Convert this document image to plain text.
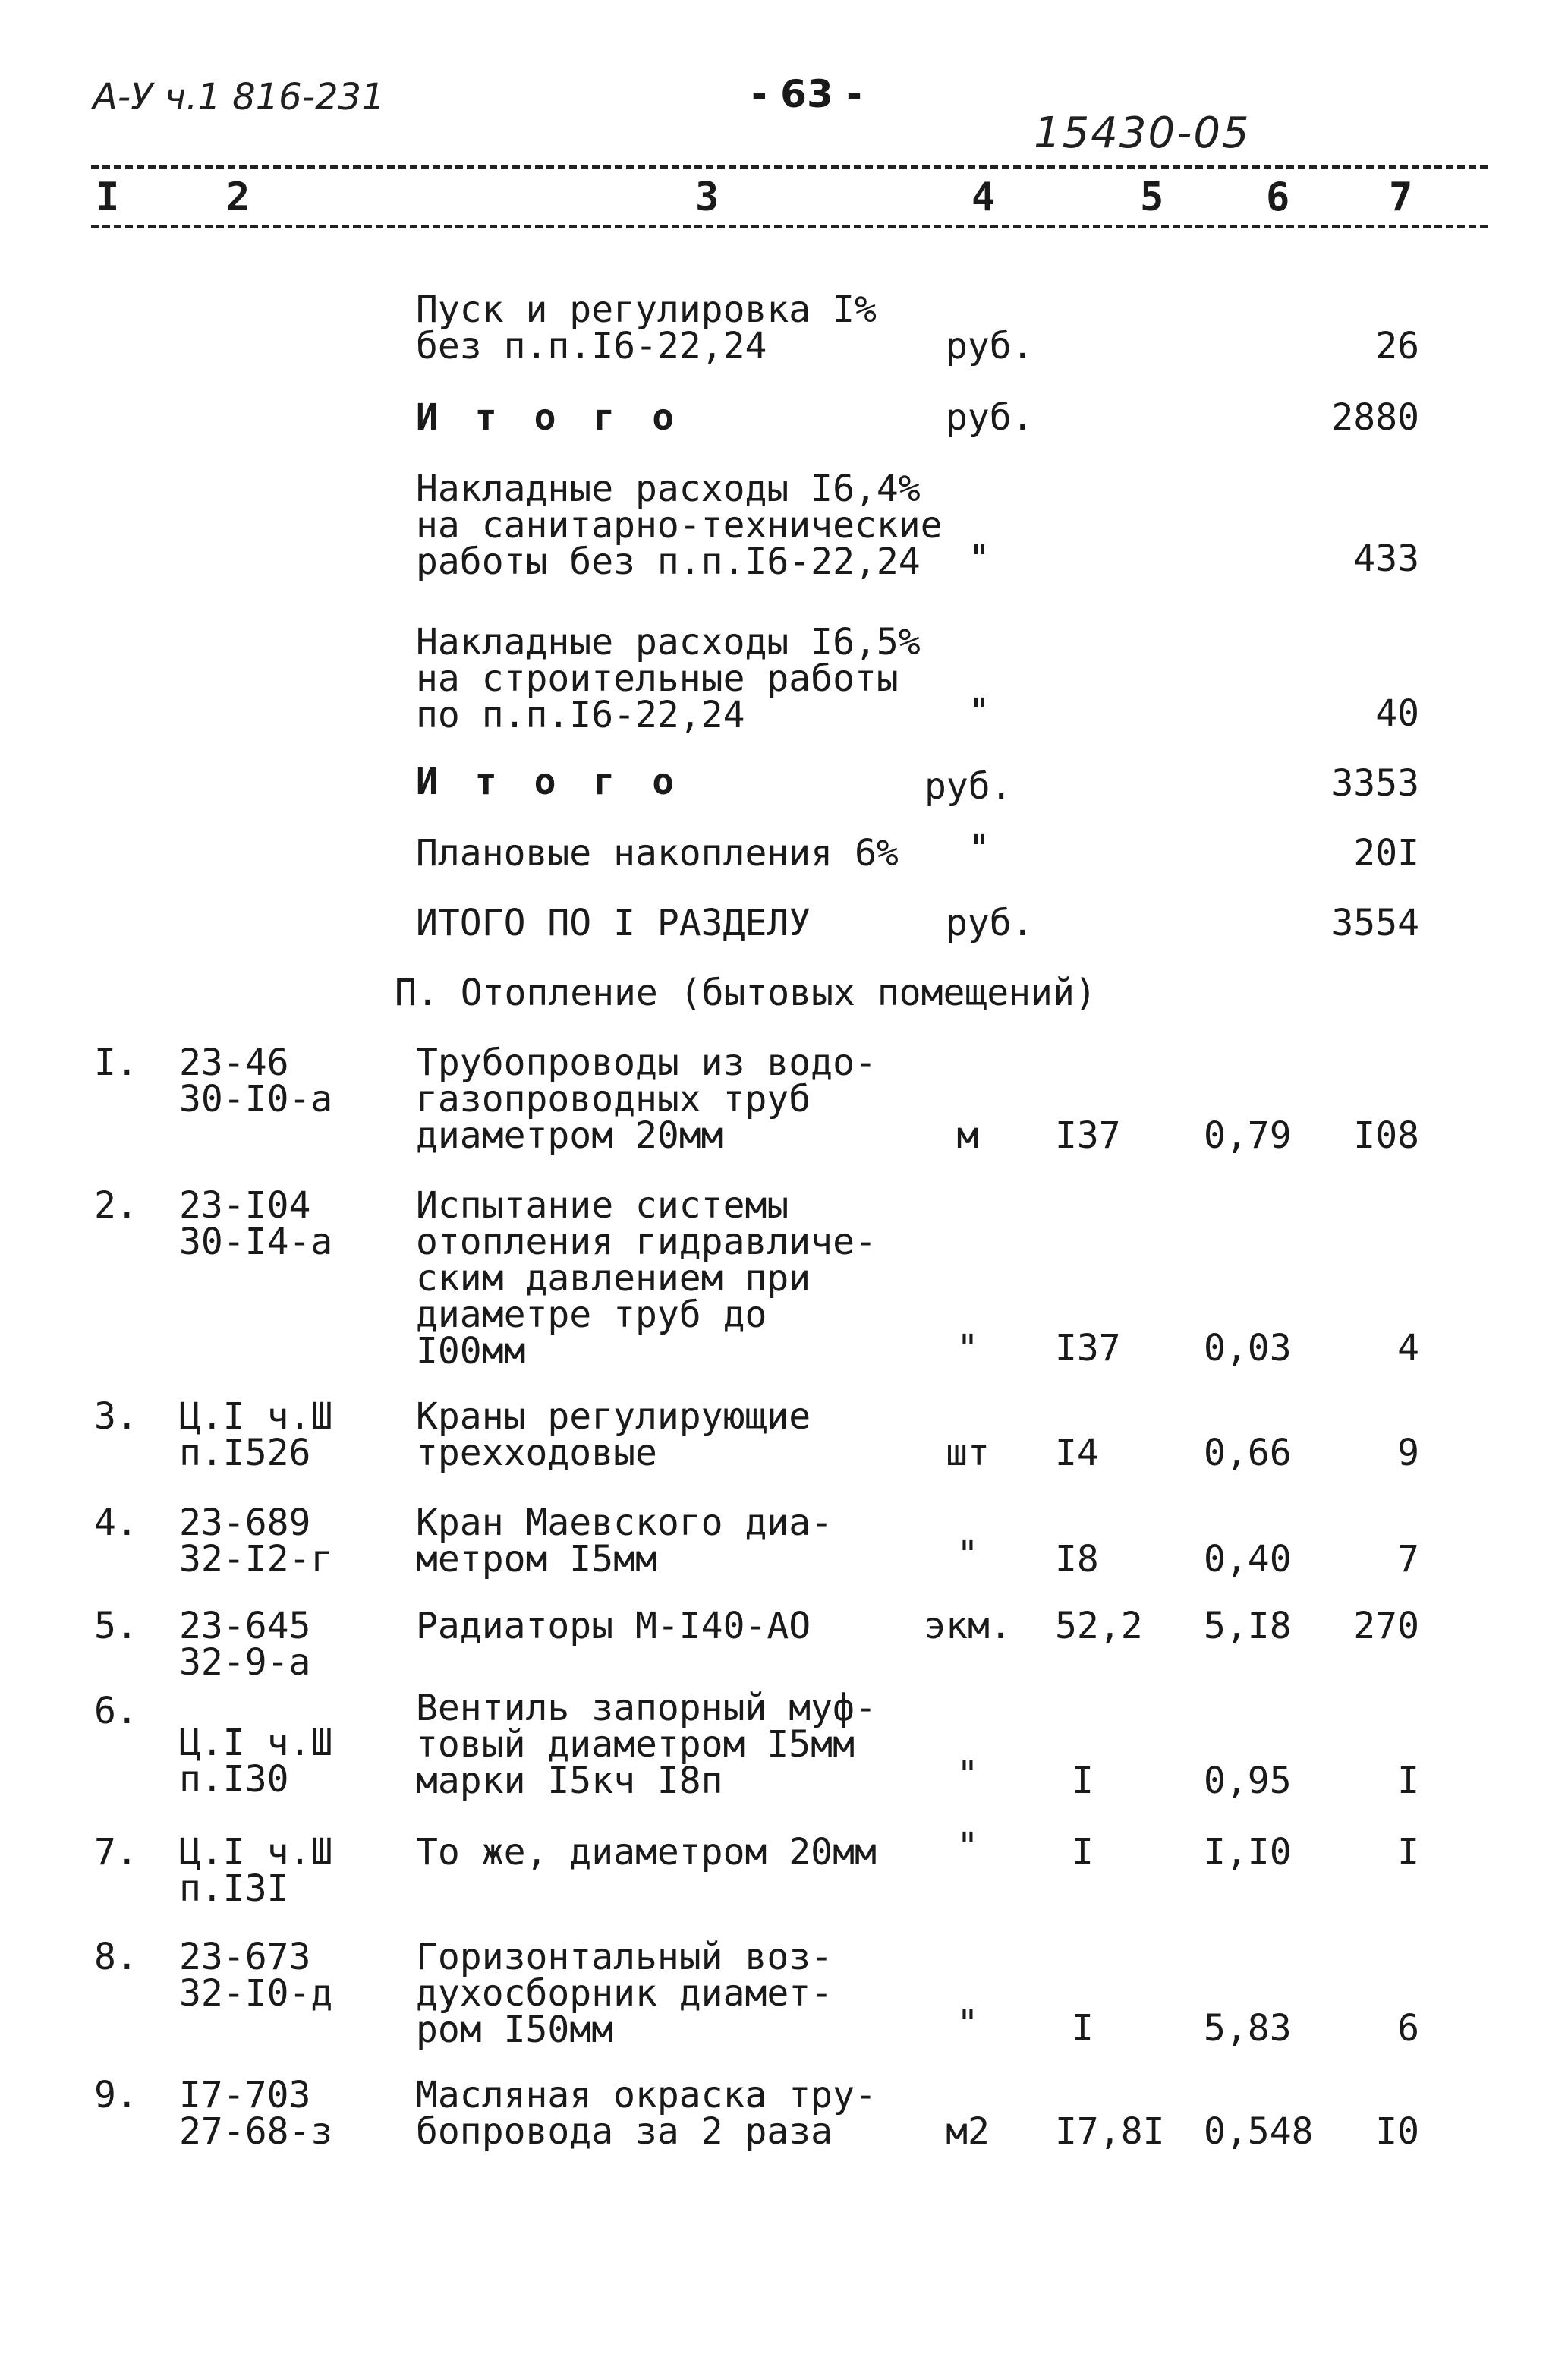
А-У ч.1 816-231	- 63 -
15430-05
I	2	3	4	5	6	7
Пуск и регулировка I%
без п.п.I6-22,24	руб.	26
И т о г о	руб.	2880
Накладные расходы I6,4%
на санитарно-технические
работы без п.п.I6-22,24	"	433
Накладные расходы I6,5%
на строительные работы
по п.п.I6-22,24	"	40
И т о г о	руб.	3353
Плановые накопления 6% "	20I
ИТОГО ПО I РАЗДЕЛУ	руб.	3554
П. Отопление (бытовых помещений)
I. 23-46
30-I0-а
Трубопроводы из водо-
газопроводных труб
диаметром 20мм	м	I37 0,79	I08
2. 23-I04
30-I4-а
Испытание системы
отопления гидравличе-
ским давлением при
диаметре труб до
I00мм	"	I37 0,03	4
3. Ц.I ч.Ш
п.I526
Краны регулирующие
трехходовые	шт	I4	0,66	9
4. 23-689
32-I2-г
Кран Маевского диа-
метром I5мм	"	I8	0,40	7
5. 23-645
32-9-а
Радиаторы М-I40-АО	экм.	52,2 5,I8	270
6.
Ц.I ч.Ш
п.I30
Вентиль запорный муф-
товый диаметром I5мм
марки I5кч I8п	"	I	0,95	I
7. Ц.I ч.Ш
п.I3I
То же, диаметром 20мм	"	I	I,I0	I
8. 23-673
32-I0-д
Горизонтальный воз-
духосборник диамет-
ром I50мм	"	I	5,83	6
9. I7-703
27-68-з
Масляная окраска тру-
бопровода за 2 раза	м2	I7,8I 0,548	I0
